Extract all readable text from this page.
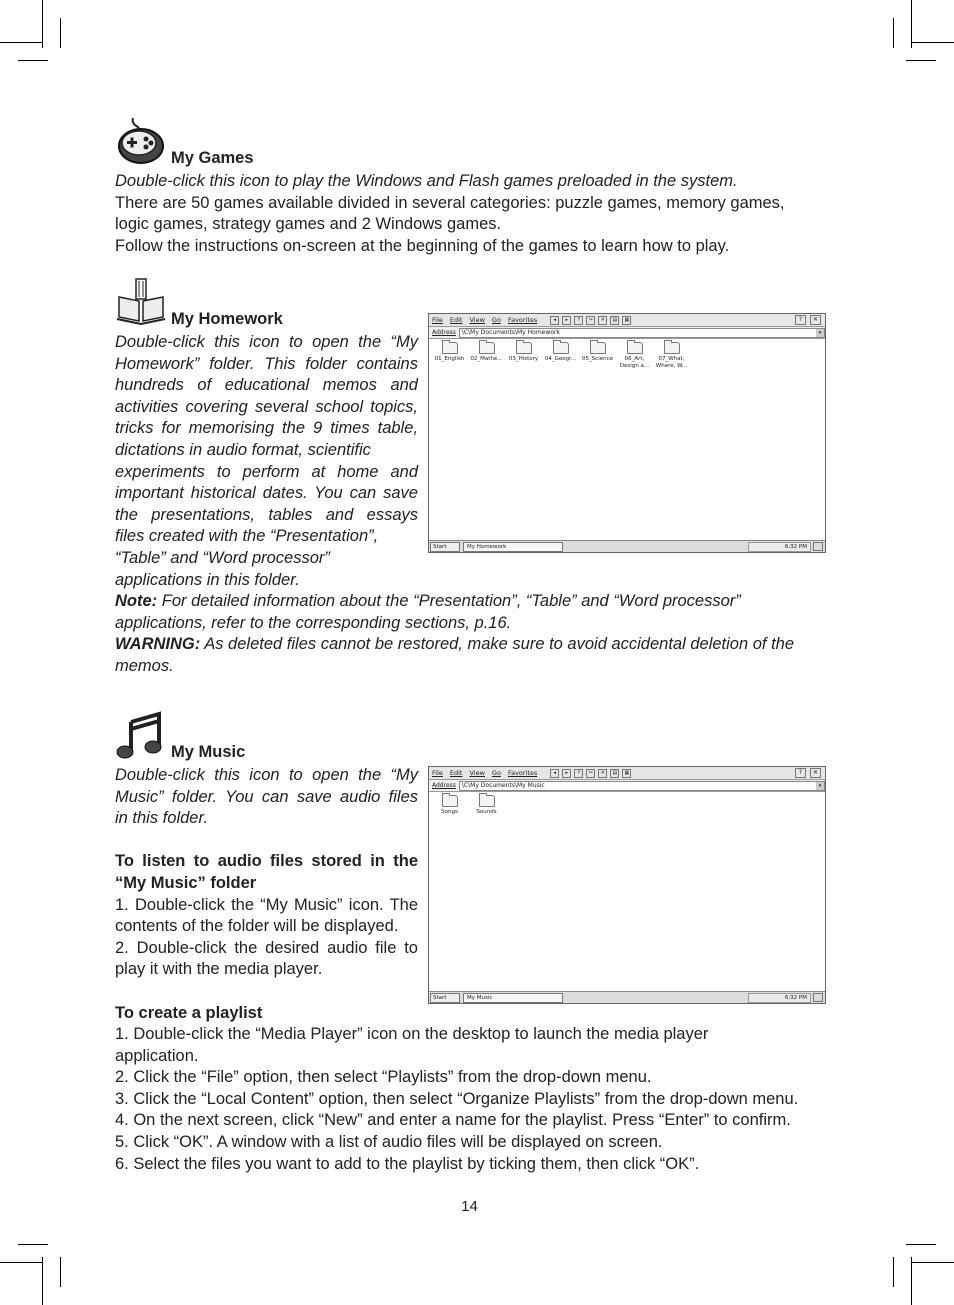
My Games

Double-click this icon to play the Windows and Flash games preloaded in the system.

There are 50 games available divided in several categories: puzzle games, memory games,

logic games, strategy games and 2 Windows games.

Follow the instructions on-screen at the beginning of the games to learn how to play.

My Homework

Double-click this icon to open the “My

Homework” folder. This folder contains

hundreds of educational memos and

activities covering several school topics,

tricks for memorising the 9 times table,

dictations in audio format, scientific

experiments to perform at home and

important historical dates. You can save

the presentations, tables and essays

files created with the “Presentation”,

“Table” and “Word processor”

applications in this folder.

Note: For detailed information about the “Presentation”, “Table” and “Word processor”

applications, refer to the corresponding sections, p.16.

WARNING: As deleted files cannot be restored, make sure to avoid accidental deletion of the

memos.

File Edit View Go Favorites	◂	▸	↑	✂	✕	▤	▦	?	✕
Address	\C\My Documents\My Homework	▾
01_English	02_Mathe...	03_History	04_Geogr...	05_Science	06_Art,
Design a...
07_What,
Where, W...
Start	My Homework	6:32 PM
My Music

Double-click this icon to open the “My

Music” folder. You can save audio files

in this folder.

To listen to audio files stored in the

“My Music” folder

1. Double-click the “My Music” icon. The

contents of the folder will be displayed.

2. Double-click the desired audio file to

play it with the media player.

To create a playlist

1. Double-click the “Media Player” icon on the desktop to launch the media player

application.

2. Click the “File” option, then select “Playlists” from the drop-down menu.

3. Click the “Local Content” option, then select “Organize Playlists” from the drop-down menu.

4. On the next screen, click “New” and enter a name for the playlist. Press “Enter” to confirm.

5. Click “OK”. A window with a list of audio files will be displayed on screen.

6. Select the files you want to add to the playlist by ticking them, then click “OK”.

File Edit View Go Favorites	◂	▸	↑	✂	✕	▤	▦	?	✕
Address	\C\My Documents\My Music	▾
Songs	Sounds
Start	My Music	6:32 PM

14
